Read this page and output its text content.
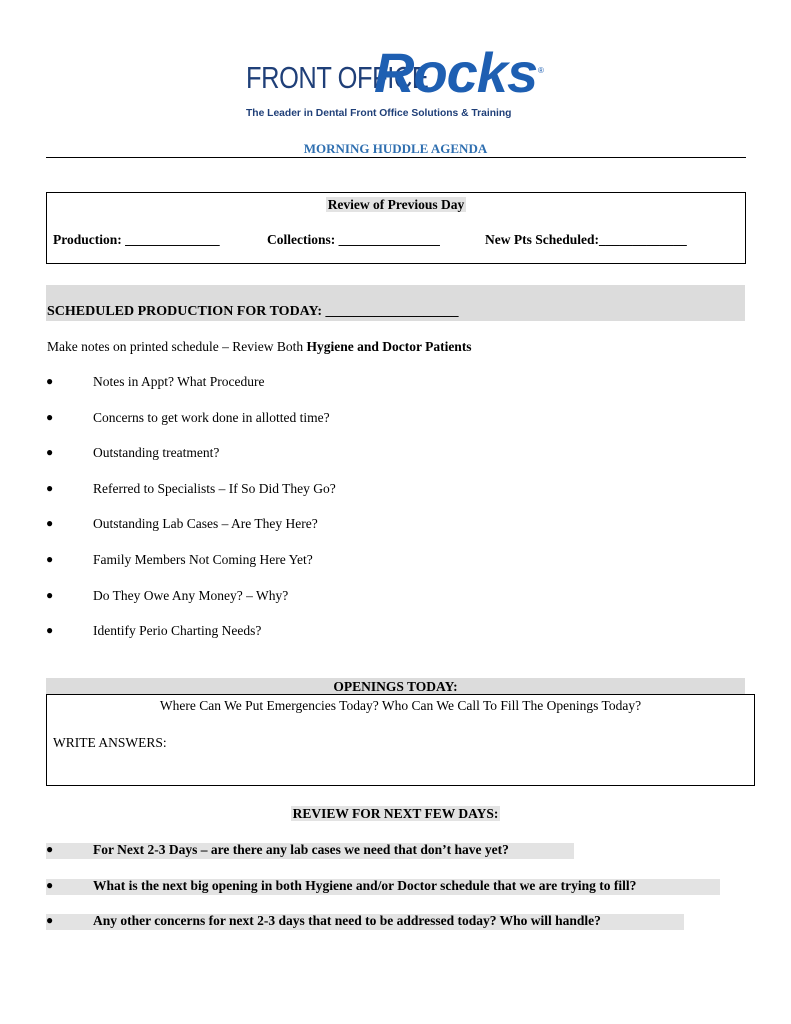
FRONT OFFICE
Rocks ®
The Leader in Dental Front Office Solutions & Training
MORNING HUDDLE AGENDA
Review of Previous Day
Production: ______________	Collections: _______________	New Pts Scheduled:_____________
SCHEDULED PRODUCTION FOR TODAY: ___________________
Make notes on printed schedule – Review Both Hygiene and Doctor Patients
●	Notes in Appt? What Procedure
●	Concerns to get work done in allotted time?
●	Outstanding treatment?
●	Referred to Specialists – If So Did They Go?
●	Outstanding Lab Cases – Are They Here?
●	Family Members Not Coming Here Yet?
●	Do They Owe Any Money? – Why?
●	Identify Perio Charting Needs?
OPENINGS TODAY:
Where Can We Put Emergencies Today? Who Can We Call To Fill The Openings Today?
WRITE ANSWERS:
REVIEW FOR NEXT FEW DAYS:
●	For Next 2-3 Days – are there any lab cases we need that don’t have yet?
●	What is the next big opening in both Hygiene and/or Doctor schedule that we are trying to fill?
●	Any other concerns for next 2-3 days that need to be addressed today? Who will handle?
